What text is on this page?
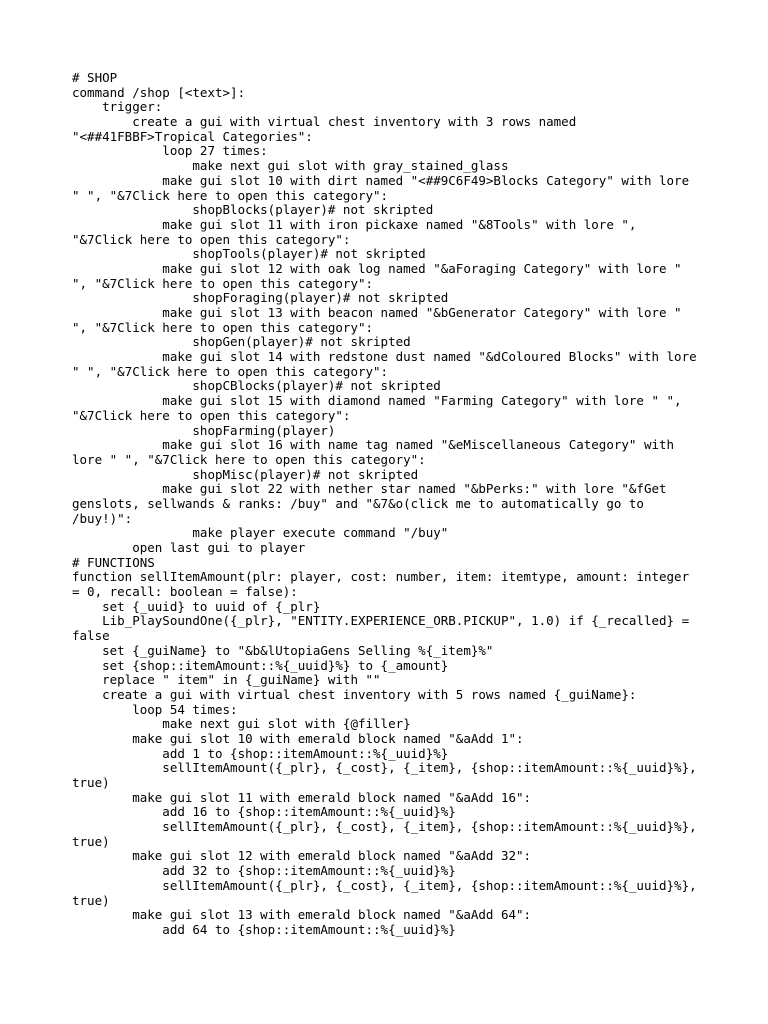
# SHOP
command /shop [<text>]:
trigger:
create a gui with virtual chest inventory with 3 rows named
"<##41FBBF>Tropical Categories":
loop 27 times:
make next gui slot with gray_stained_glass
make gui slot 10 with dirt named "<##9C6F49>Blocks Category" with lore
" ", "&7Click here to open this category":
shopBlocks(player)# not skripted
make gui slot 11 with iron pickaxe named "&8Tools" with lore ",
"&7Click here to open this category":
shopTools(player)# not skripted
make gui slot 12 with oak log named "&aForaging Category" with lore "
", "&7Click here to open this category":
shopForaging(player)# not skripted
make gui slot 13 with beacon named "&bGenerator Category" with lore "
", "&7Click here to open this category":
shopGen(player)# not skripted
make gui slot 14 with redstone dust named "&dColoured Blocks" with lore
" ", "&7Click here to open this category":
shopCBlocks(player)# not skripted
make gui slot 15 with diamond named "Farming Category" with lore " ",
"&7Click here to open this category":
shopFarming(player)
make gui slot 16 with name tag named "&eMiscellaneous Category" with
lore " ", "&7Click here to open this category":
shopMisc(player)# not skripted
make gui slot 22 with nether star named "&bPerks:" with lore "&fGet
genslots, sellwands & ranks: /buy" and "&7&o(click me to automatically go to
/buy!)":
make player execute command "/buy"
open last gui to player
# FUNCTIONS
function sellItemAmount(plr: player, cost: number, item: itemtype, amount: integer
= 0, recall: boolean = false):
set {_uuid} to uuid of {_plr}
Lib_PlaySoundOne({_plr}, "ENTITY.EXPERIENCE_ORB.PICKUP", 1.0) if {_recalled} =
false
set {_guiName} to "&b&lUtopiaGens Selling %{_item}%"
set {shop::itemAmount::%{_uuid}%} to {_amount}
replace " item" in {_guiName} with ""
create a gui with virtual chest inventory with 5 rows named {_guiName}:
loop 54 times:
make next gui slot with {@filler}
make gui slot 10 with emerald block named "&aAdd 1":
add 1 to {shop::itemAmount::%{_uuid}%}
sellItemAmount({_plr}, {_cost}, {_item}, {shop::itemAmount::%{_uuid}%},
true)
make gui slot 11 with emerald block named "&aAdd 16":
add 16 to {shop::itemAmount::%{_uuid}%}
sellItemAmount({_plr}, {_cost}, {_item}, {shop::itemAmount::%{_uuid}%},
true)
make gui slot 12 with emerald block named "&aAdd 32":
add 32 to {shop::itemAmount::%{_uuid}%}
sellItemAmount({_plr}, {_cost}, {_item}, {shop::itemAmount::%{_uuid}%},
true)
make gui slot 13 with emerald block named "&aAdd 64":
add 64 to {shop::itemAmount::%{_uuid}%}
